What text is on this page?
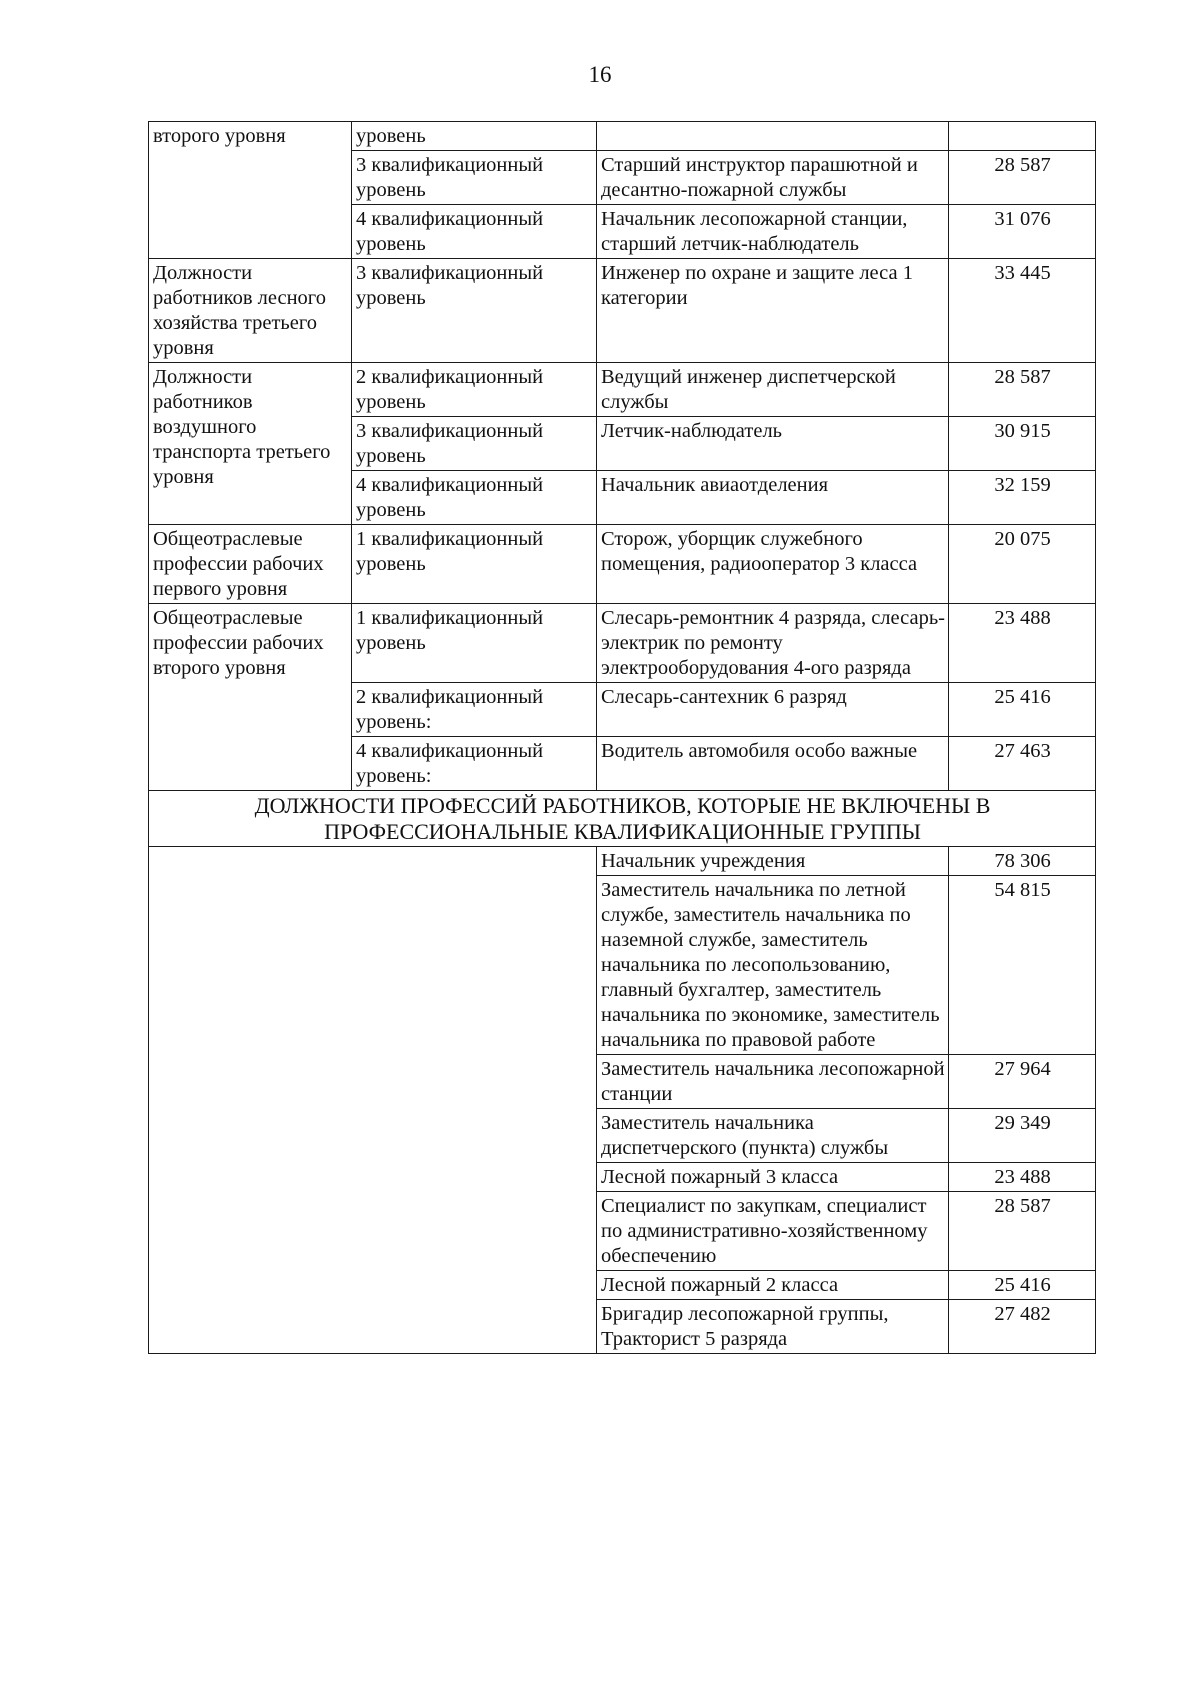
16
второго уровня	уровень		
	3 квалификационный уровень	Старший инструктор парашютной и десантно-пожарной службы	28 587
	4 квалификационный уровень	Начальник лесопожарной станции, старший летчик-наблюдатель	31 076
Должности работников лесного хозяйства третьего уровня	3 квалификационный уровень	Инженер по охране и защите леса 1 категории	33 445
Должности работников воздушного транспорта третьего уровня	2 квалификационный уровень	Ведущий инженер диспетчерской службы	28 587
	3 квалификационный уровень	Летчик-наблюдатель	30 915
	4 квалификационный уровень	Начальник авиаотделения	32 159
Общеотраслевые профессии рабочих первого уровня	1 квалификационный уровень	Сторож, уборщик служебного помещения, радиооператор 3 класса	20 075
Общеотраслевые профессии рабочих второго уровня	1 квалификационный уровень	Слесарь-ремонтник 4 разряда, слесарь-электрик по ремонту электрооборудования 4-ого разряда	23 488
	2 квалификационный уровень:	Слесарь-сантехник 6 разряд	25 416
	4 квалификационный уровень:	Водитель автомобиля особо важные	27 463
ДОЛЖНОСТИ ПРОФЕССИЙ РАБОТНИКОВ, КОТОРЫЕ НЕ ВКЛЮЧЕНЫ В ПРОФЕССИОНАЛЬНЫЕ КВАЛИФИКАЦИОННЫЕ ГРУППЫ			
		Начальник учреждения	78 306
		Заместитель начальника по летной службе, заместитель начальника по наземной службе, заместитель начальника по лесопользованию, главный бухгалтер, заместитель начальника по экономике, заместитель начальника по правовой работе	54 815
		Заместитель начальника лесопожарной станции	27 964
		Заместитель начальника диспетчерского (пункта) службы	29 349
		Лесной пожарный 3 класса	23 488
		Специалист по закупкам, специалист по административно-хозяйственному обеспечению	28 587
		Лесной пожарный 2 класса	25 416
		Бригадир лесопожарной группы, Тракторист 5 разряда	27 482
